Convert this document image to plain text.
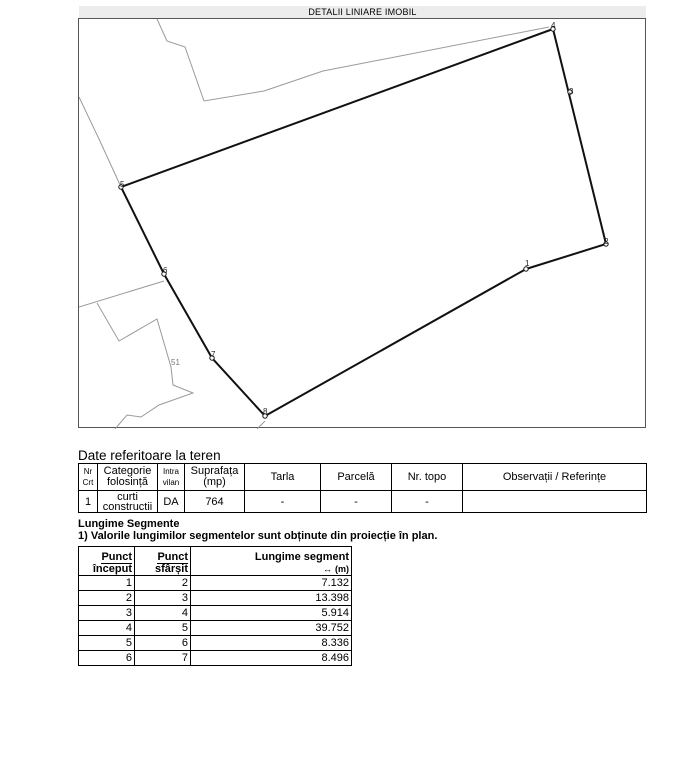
DETALII LINIARE IMOBIL
1
2
3
4
5
6
7
8
51
Date referitoare la teren
Nr Crt	Categorie folosință	Intra vilan	Suprafața (mp)	Tarla	Parcelă	Nr. topo	Observații / Referințe
1	curti constructii	DA	764	-	-	-	
Lungime Segmente
1) Valorile lungimilor segmentelor sunt obținute din proiecție în plan.
Punct început	Punct sfârșit	Lungime segment
↔ (m)
1	2	7.132
2	3	13.398
3	4	5.914
4	5	39.752
5	6	8.336
6	7	8.496
